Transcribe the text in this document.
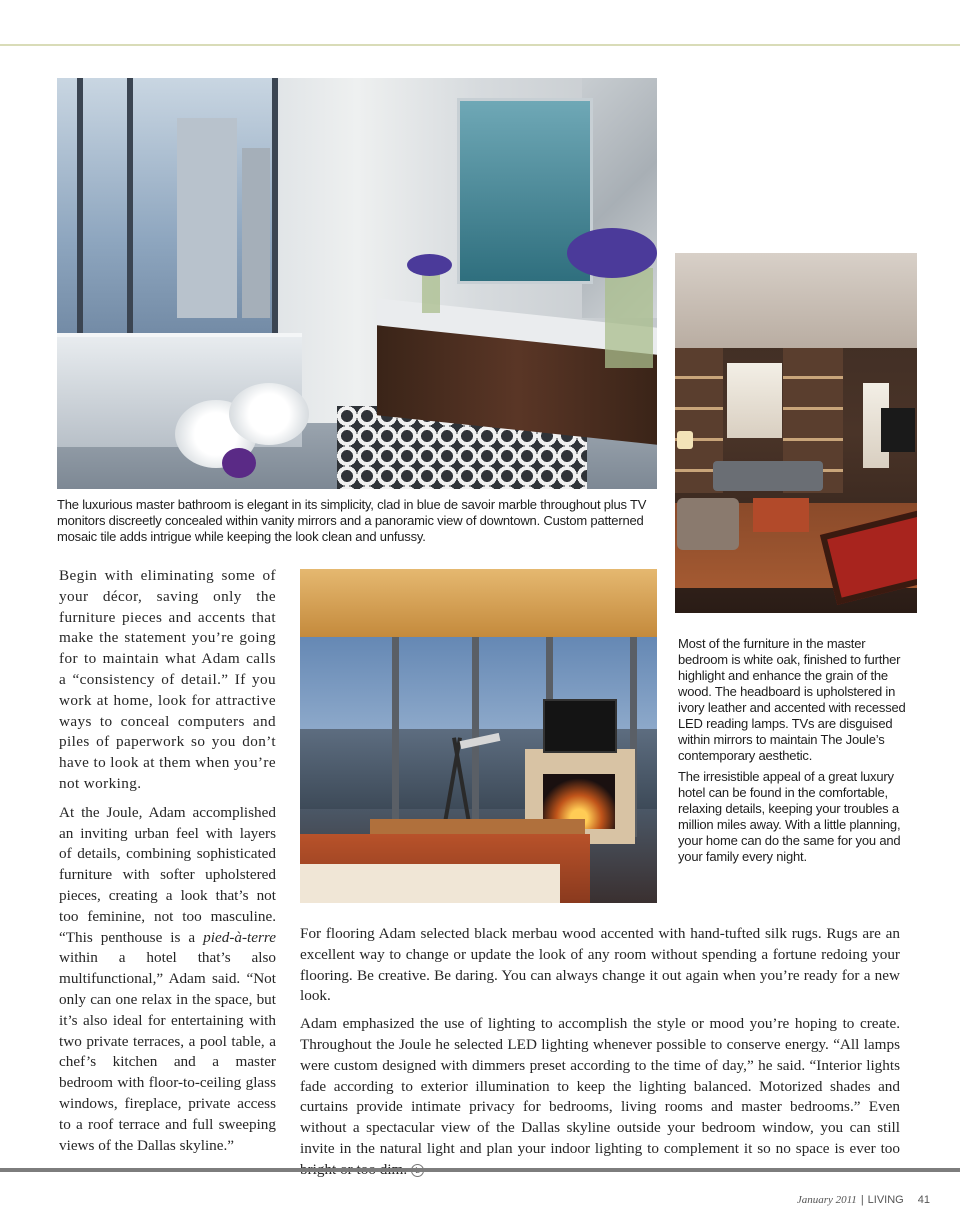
The luxurious master bathroom is elegant in its simplicity, clad in blue de savoir marble throughout plus TV monitors discreetly concealed within vanity mirrors and a panoramic view of downtown. Custom patterned mosaic tile adds intrigue while keeping the look clean and unfussy.

Most of the furniture in the master bedroom is white oak, finished to further highlight and enhance the grain of the wood. The headboard is upholstered in ivory leather and accented with recessed LED reading lamps. TVs are disguised within mirrors to maintain The Joule’s contemporary aesthetic.

The irresistible appeal of a great luxury hotel can be found in the comfortable, relaxing details, keeping your troubles a million miles away. With a little planning, your home can do the same for you and your family every night.

Begin with eliminating some of your décor, saving only the furniture pieces and accents that make the statement you’re going for to maintain what Adam calls a “consistency of detail.” If you work at home, look for attractive ways to conceal computers and piles of paperwork so you don’t have to look at them when you’re not working.

At the Joule, Adam accomplished an inviting urban feel with layers of details, combining sophisticated furniture with softer upholstered pieces, creating a look that’s not too feminine, not too masculine. “This penthouse is a pied-à-terre within a hotel that’s also multifunctional,” Adam said. “Not only can one relax in the space, but it’s also ideal for entertaining with two private terraces, a pool table, a chef’s kitchen and a master bedroom with floor-to-ceiling glass windows, fireplace, private access to a roof terrace and full sweeping views of the Dallas skyline.”

For flooring Adam selected black merbau wood accented with hand-tufted silk rugs. Rugs are an excellent way to change or update the look of any room without spending a fortune redoing your flooring. Be creative. Be daring. You can always change it out again when you’re ready for a new look.

Adam emphasized the use of lighting to accomplish the style or mood you’re hoping to create. Throughout the Joule he selected LED lighting whenever possible to conserve energy. “All lamps were custom designed with dimmers preset according to the time of day,” he said. “Interior lights fade according to exterior illumination to keep the lighting balanced. Motorized shades and curtains provide intimate privacy for bedrooms, living rooms and master bedrooms.” Even without a spectacular view of the Dallas skyline outside your bedroom window, you can still invite in the natural light and plan your indoor lighting to complement it so no space is ever too

January 2011 | LIVING 41
